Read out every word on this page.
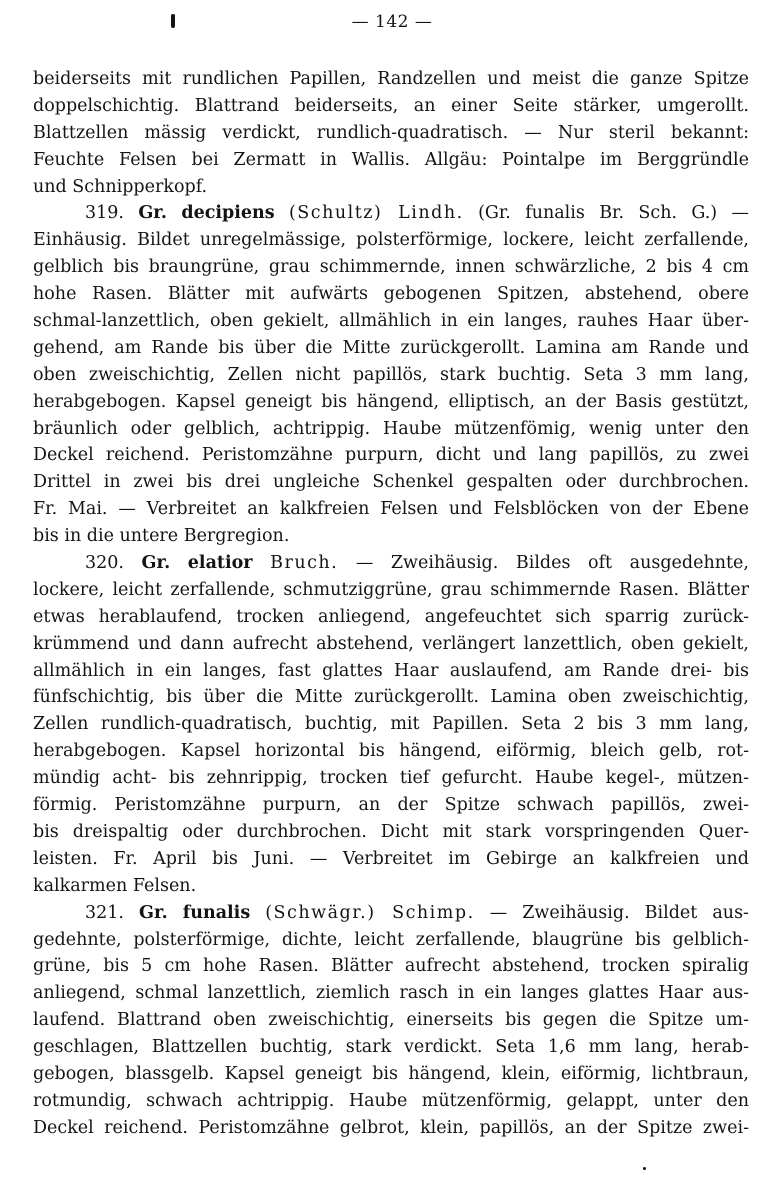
— 142 —
beiderseits mit rundlichen Papillen, Randzellen und meist die ganze Spitze
doppelschichtig. Blattrand beiderseits, an einer Seite stärker, umgerollt.
Blattzellen mässig verdickt, rundlich-quadratisch. — Nur steril bekannt:
Feuchte Felsen bei Zermatt in Wallis. Allgäu: Pointalpe im Berggründle
und Schnipperkopf.
319. Gr. decipiens (Schultz) Lindh. (Gr. funalis Br. Sch. G.) —
Einhäusig. Bildet unregelmässige, polsterförmige, lockere, leicht zerfallende,
gelblich bis braungrüne, grau schimmernde, innen schwärzliche, 2 bis 4 cm
hohe Rasen. Blätter mit aufwärts gebogenen Spitzen, abstehend, obere
schmal-lanzettlich, oben gekielt, allmählich in ein langes, rauhes Haar über-
gehend, am Rande bis über die Mitte zurückgerollt. Lamina am Rande und
oben zweischichtig, Zellen nicht papillös, stark buchtig. Seta 3 mm lang,
herabgebogen. Kapsel geneigt bis hängend, elliptisch, an der Basis gestützt,
bräunlich oder gelblich, achtrippig. Haube mützenfömig, wenig unter den
Deckel reichend. Peristomzähne purpurn, dicht und lang papillös, zu zwei
Drittel in zwei bis drei ungleiche Schenkel gespalten oder durchbrochen.
Fr. Mai. — Verbreitet an kalkfreien Felsen und Felsblöcken von der Ebene
bis in die untere Bergregion.
320. Gr. elatior Bruch. — Zweihäusig. Bildes oft ausgedehnte,
lockere, leicht zerfallende, schmutziggrüne, grau schimmernde Rasen. Blätter
etwas herablaufend, trocken anliegend, angefeuchtet sich sparrig zurück-
krümmend und dann aufrecht abstehend, verlängert lanzettlich, oben gekielt,
allmählich in ein langes, fast glattes Haar auslaufend, am Rande drei- bis
fünfschichtig, bis über die Mitte zurückgerollt. Lamina oben zweischichtig,
Zellen rundlich-quadratisch, buchtig, mit Papillen. Seta 2 bis 3 mm lang,
herabgebogen. Kapsel horizontal bis hängend, eiförmig, bleich gelb, rot-
mündig acht- bis zehnrippig, trocken tief gefurcht. Haube kegel-, mützen-
förmig. Peristomzähne purpurn, an der Spitze schwach papillös, zwei-
bis dreispaltig oder durchbrochen. Dicht mit stark vorspringenden Quer-
leisten. Fr. April bis Juni. — Verbreitet im Gebirge an kalkfreien und
kalkarmen Felsen.
321. Gr. funalis (Schwägr.) Schimp. — Zweihäusig. Bildet aus-
gedehnte, polsterförmige, dichte, leicht zerfallende, blaugrüne bis gelblich-
grüne, bis 5 cm hohe Rasen. Blätter aufrecht abstehend, trocken spiralig
anliegend, schmal lanzettlich, ziemlich rasch in ein langes glattes Haar aus-
laufend. Blattrand oben zweischichtig, einerseits bis gegen die Spitze um-
geschlagen, Blattzellen buchtig, stark verdickt. Seta 1,6 mm lang, herab-
gebogen, blassgelb. Kapsel geneigt bis hängend, klein, eiförmig, lichtbraun,
rotmundig, schwach achtrippig. Haube mützenförmig, gelappt, unter den
Deckel reichend. Peristomzähne gelbrot, klein, papillös, an der Spitze zwei-
